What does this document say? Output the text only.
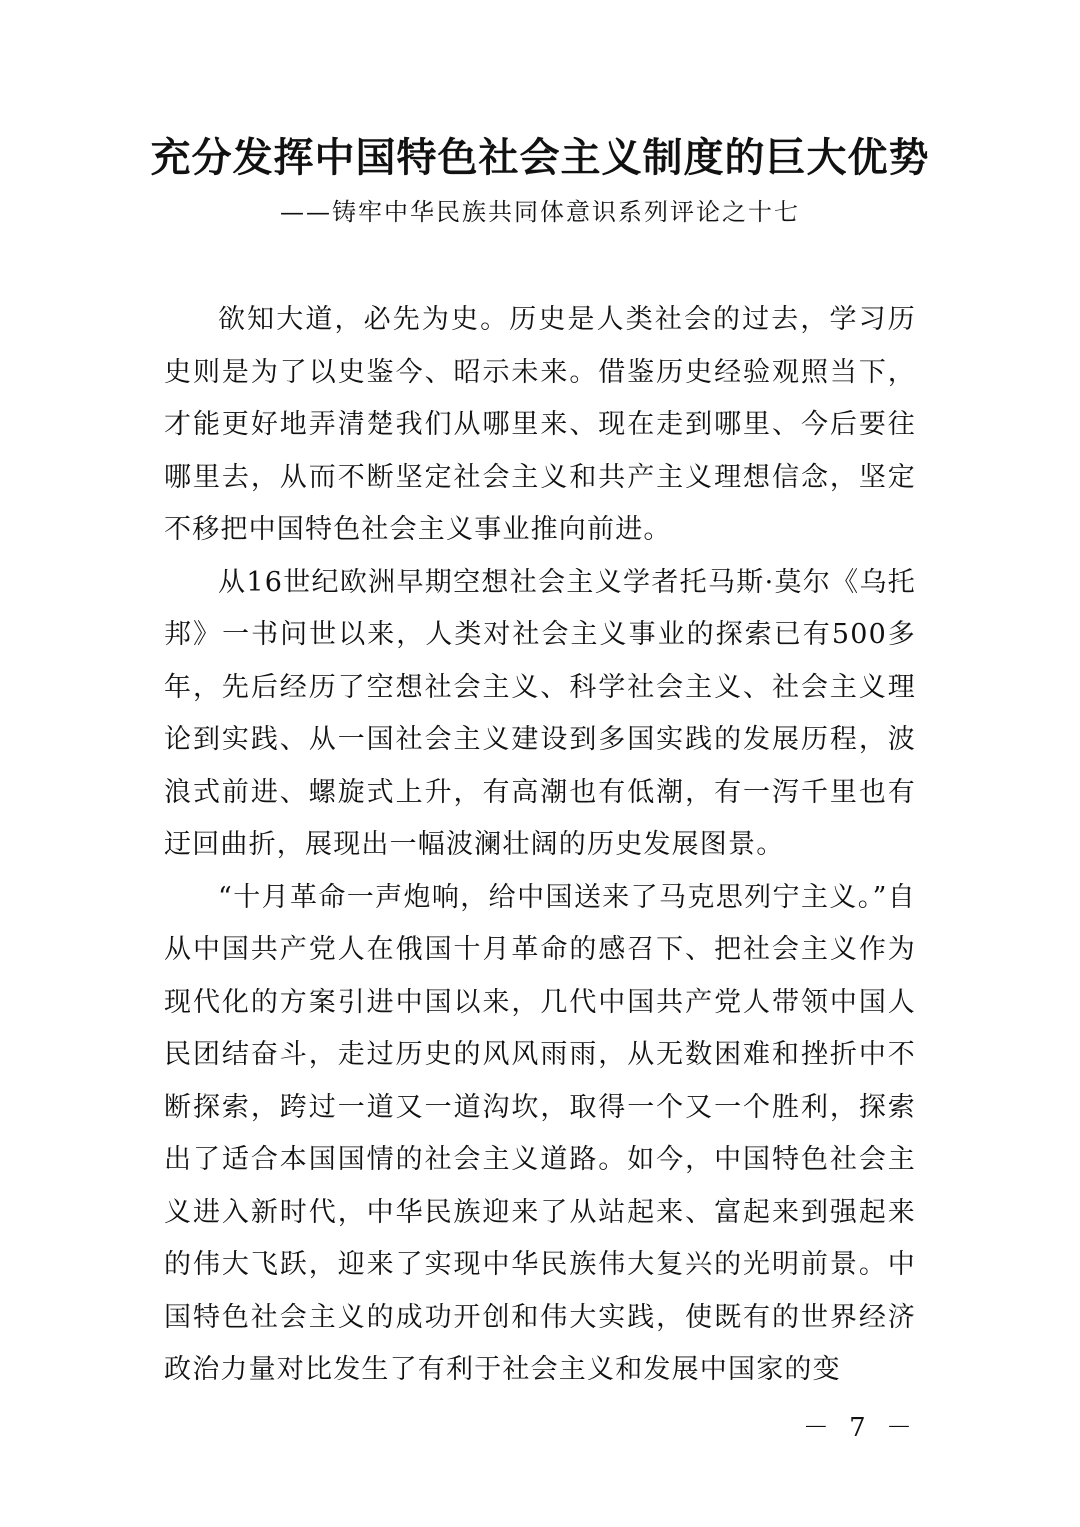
充分发挥中国特色社会主义制度的巨大优势
——铸牢中华民族共同体意识系列评论之十七

欲知大道，必先为史。历史是人类社会的过去，学习历史则是为了以史鉴今、昭示未来。借鉴历史经验观照当下，才能更好地弄清楚我们从哪里来、现在走到哪里、今后要往哪里去，从而不断坚定社会主义和共产主义理想信念，坚定不移把中国特色社会主义事业推向前进。

从16世纪欧洲早期空想社会主义学者托马斯·莫尔《乌托邦》一书问世以来，人类对社会主义事业的探索已有500多年，先后经历了空想社会主义、科学社会主义、社会主义理论到实践、从一国社会主义建设到多国实践的发展历程，波浪式前进、螺旋式上升，有高潮也有低潮，有一泻千里也有迂回曲折，展现出一幅波澜壮阔的历史发展图景。

“十月革命一声炮响，给中国送来了马克思列宁主义。”自从中国共产党人在俄国十月革命的感召下、把社会主义作为现代化的方案引进中国以来，几代中国共产党人带领中国人民团结奋斗，走过历史的风风雨雨，从无数困难和挫折中不断探索，跨过一道又一道沟坎，取得一个又一个胜利，探索出了适合本国国情的社会主义道路。如今，中国特色社会主义进入新时代，中华民族迎来了从站起来、富起来到强起来的伟大飞跃，迎来了实现中华民族伟大复兴的光明前景。中国特色社会主义的成功开创和伟大实践，使既有的世界经济政治力量对比发生了有利于社会主义和发展中国家的变

－ 7 －
